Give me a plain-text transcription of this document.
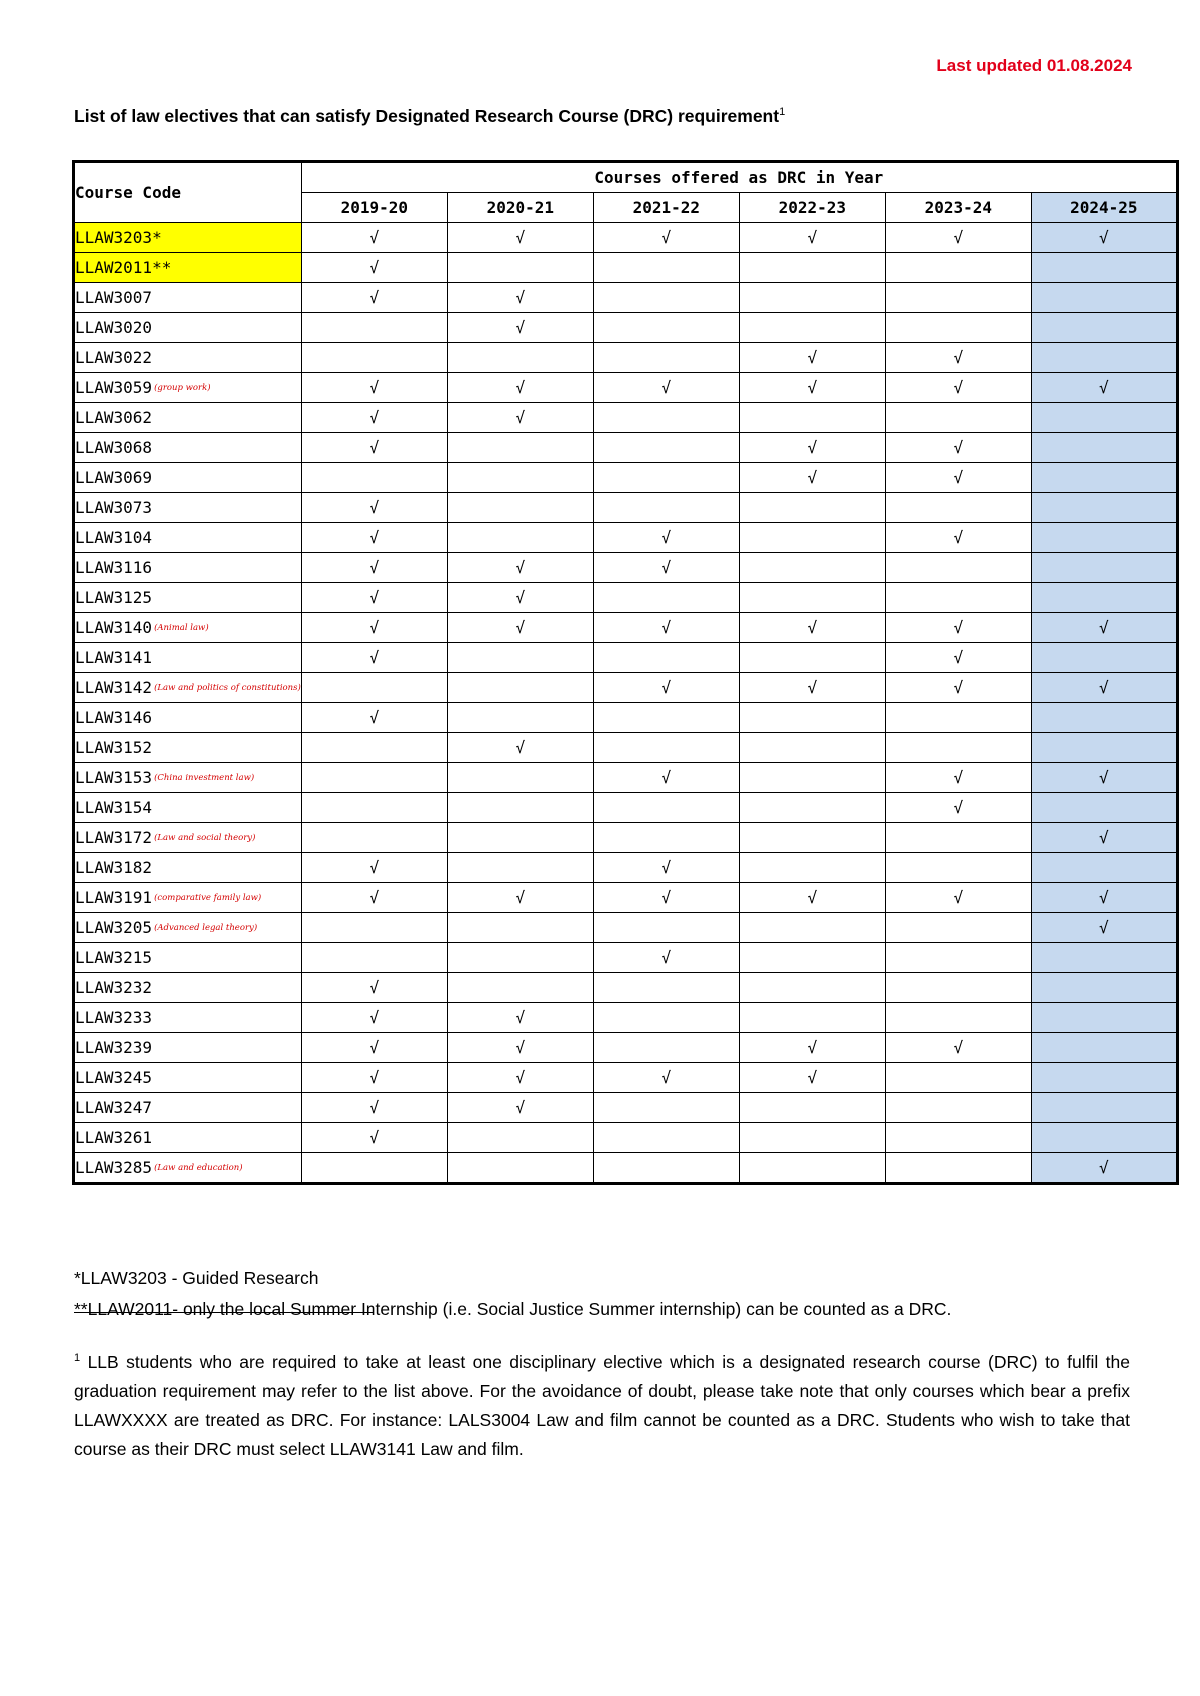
Last updated 01.08.2024
List of law electives that can satisfy Designated Research Course (DRC) requirement$^1$
Course Code	Courses offered as DRC in Year					
	2019-20	2020-21	2021-22	2022-23	2023-24	2024-25
LLAW3203*	√	√	√	√	√	√
LLAW2011**	√					
LLAW3007	√	√				
LLAW3020		√				
LLAW3022				√	√	
LLAW3059 (group work)	√	√	√	√	√	√
LLAW3062	√	√				
LLAW3068	√			√	√	
LLAW3069				√	√	
LLAW3073	√					
LLAW3104	√		√		√	
LLAW3116	√	√	√			
LLAW3125	√	√				
LLAW3140 (Animal law)	√	√	√	√	√	√
LLAW3141	√				√	
LLAW3142 (Law and politics of constitutions)			√	√	√	√
LLAW3146	√					
LLAW3152		√				
LLAW3153 (China investment law)			√		√	√
LLAW3154					√	
LLAW3172 (Law and social theory)						√
LLAW3182	√		√			
LLAW3191 (comparative family law)	√	√	√	√	√	√
LLAW3205 (Advanced legal theory)						√
LLAW3215			√			
LLAW3232	√					
LLAW3233	√	√				
LLAW3239	√	√		√	√	
LLAW3245	√	√	√	√		
LLAW3247	√	√				
LLAW3261	√					
LLAW3285 (Law and education)						√
*LLAW3203 - Guided Research
**LLAW2011- only the local Summer Internship (i.e. Social Justice Summer internship) can be counted as a DRC.
$^1$ LLB students who are required to take at least one disciplinary elective which is a designated research course (DRC) to fulfil the graduation requirement may refer to the list above. For the avoidance of doubt, please take note that only courses which bear a prefix LLAWXXXX are treated as DRC. For instance: LALS3004 Law and film cannot be counted as a DRC. Students who wish to take that course as their DRC must select LLAW3141 Law and film.
